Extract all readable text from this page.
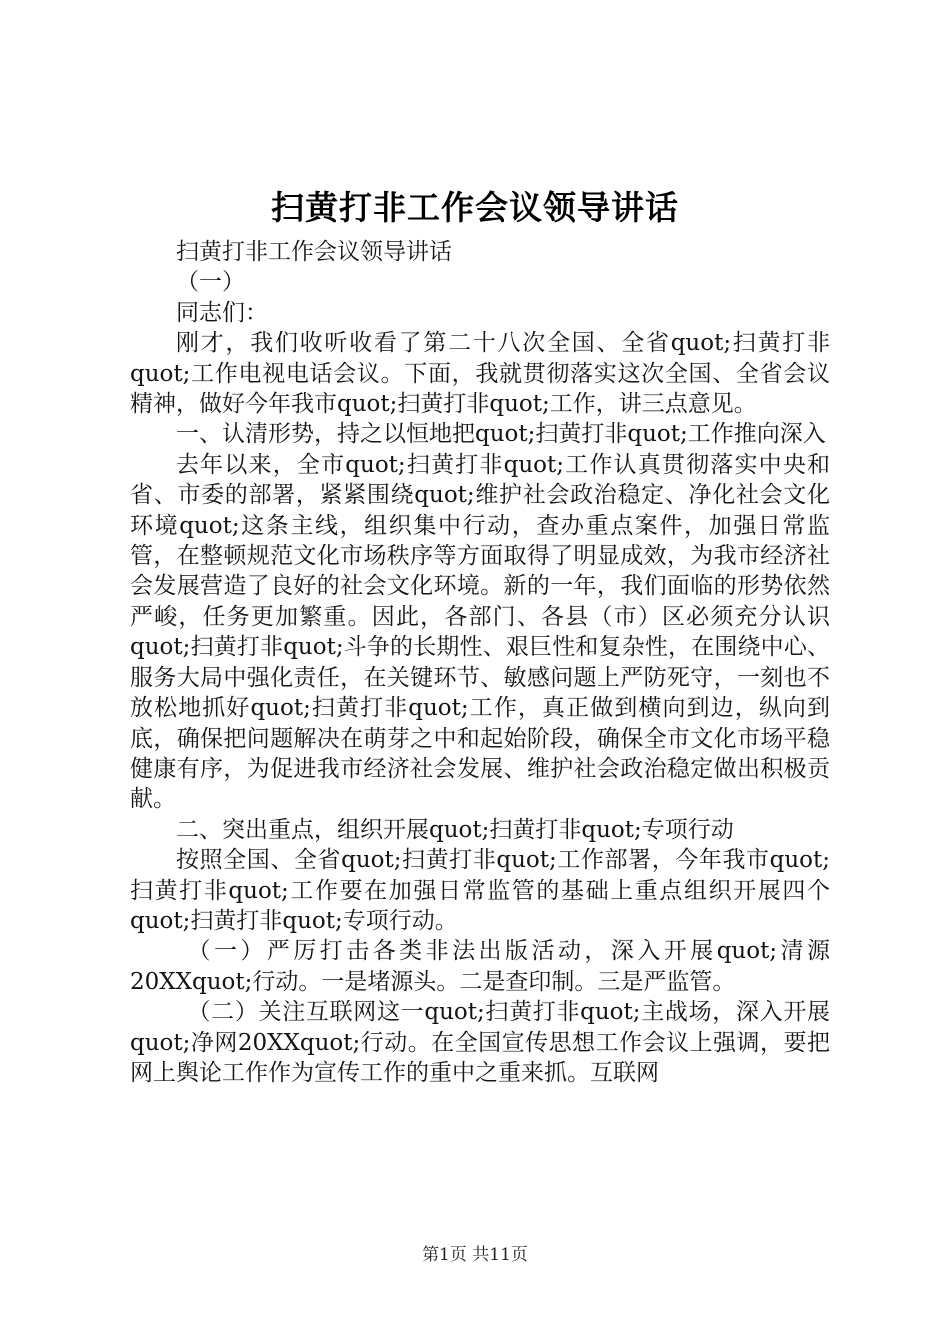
扫黄打非工作会议领导讲话

扫黄打非工作会议领导讲话

（一）

同志们：

刚才，我们收听收看了第二十八次全国、全省quot;扫黄打非quot;工作电视电话会议。下面，我就贯彻落实这次全国、全省会议精神，做好今年我市quot;扫黄打非quot;工作，讲三点意见。

一、认清形势，持之以恒地把quot;扫黄打非quot;工作推向深入

去年以来，全市quot;扫黄打非quot;工作认真贯彻落实中央和省、市委的部署，紧紧围绕quot;维护社会政治稳定、净化社会文化环境quot;这条主线，组织集中行动，查办重点案件，加强日常监管，在整顿规范文化市场秩序等方面取得了明显成效，为我市经济社会发展营造了良好的社会文化环境。新的一年，我们面临的形势依然严峻，任务更加繁重。因此，各部门、各县（市）区必须充分认识quot;扫黄打非quot;斗争的长期性、艰巨性和复杂性，在围绕中心、服务大局中强化责任，在关键环节、敏感问题上严防死守，一刻也不放松地抓好quot;扫黄打非quot;工作，真正做到横向到边，纵向到底，确保把问题解决在萌芽之中和起始阶段，确保全市文化市场平稳健康有序，为促进我市经济社会发展、维护社会政治稳定做出积极贡献。

二、突出重点，组织开展quot;扫黄打非quot;专项行动

按照全国、全省quot;扫黄打非quot;工作部署，今年我市quot;扫黄打非quot;工作要在加强日常监管的基础上重点组织开展四个quot;扫黄打非quot;专项行动。

（一）严厉打击各类非法出版活动，深入开展quot;清源20XXquot;行动。一是堵源头。二是查印制。三是严监管。

（二）关注互联网这一quot;扫黄打非quot;主战场，深入开展quot;净网20XXquot;行动。在全国宣传思想工作会议上强调，要把网上舆论工作作为宣传工作的重中之重来抓。互联网

第1页 共11页
